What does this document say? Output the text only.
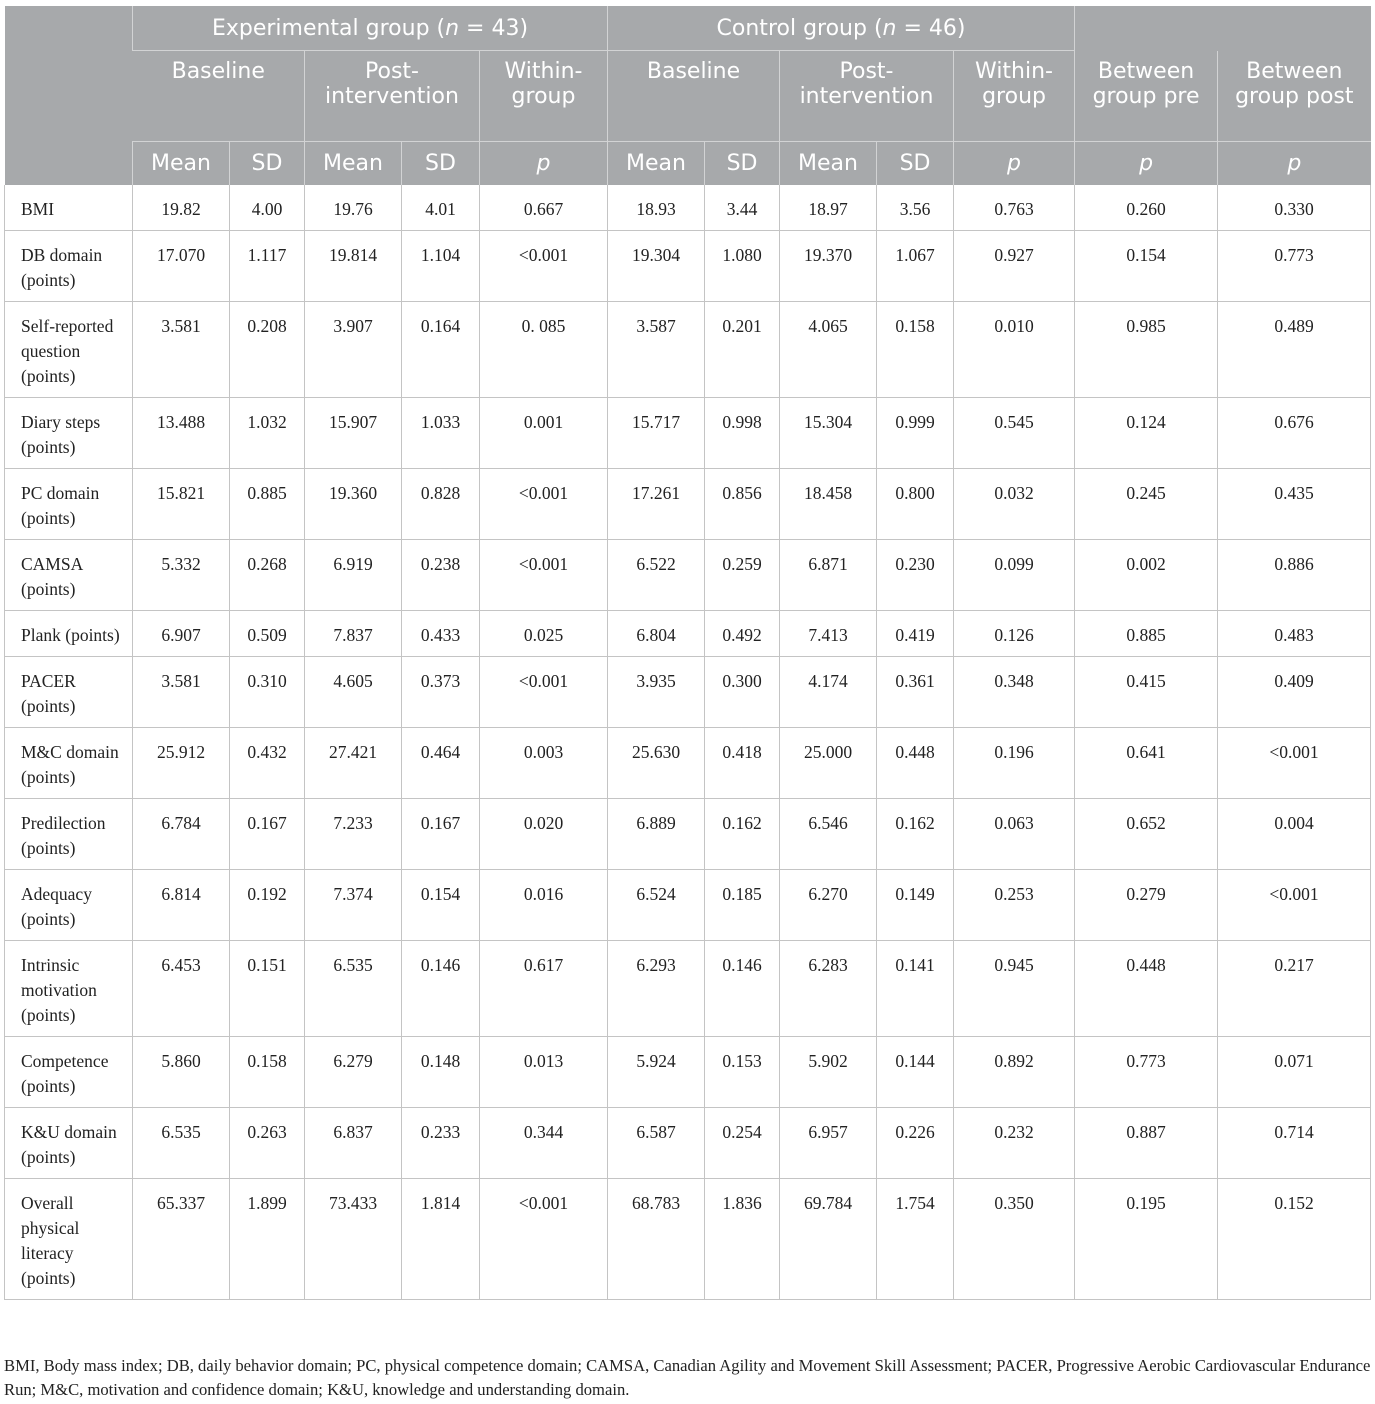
	Experimental group (n = 43)					Control group (n = 46)						
	Baseline		Post-intervention		Within-group	Baseline		Post-intervention		Within-group	Between group pre	Between group post
	Mean	SD	Mean	SD	p	Mean	SD	Mean	SD	p	p	p
BMI	19.82	4.00	19.76	4.01	0.667	18.93	3.44	18.97	3.56	0.763	0.260	0.330
DB domain (points)	17.070	1.117	19.814	1.104	<0.001	19.304	1.080	19.370	1.067	0.927	0.154	0.773
Self-reported question (points)	3.581	0.208	3.907	0.164	0. 085	3.587	0.201	4.065	0.158	0.010	0.985	0.489
Diary steps (points)	13.488	1.032	15.907	1.033	0.001	15.717	0.998	15.304	0.999	0.545	0.124	0.676
PC domain (points)	15.821	0.885	19.360	0.828	<0.001	17.261	0.856	18.458	0.800	0.032	0.245	0.435
CAMSA (points)	5.332	0.268	6.919	0.238	<0.001	6.522	0.259	6.871	0.230	0.099	0.002	0.886
Plank (points)	6.907	0.509	7.837	0.433	0.025	6.804	0.492	7.413	0.419	0.126	0.885	0.483
PACER (points)	3.581	0.310	4.605	0.373	<0.001	3.935	0.300	4.174	0.361	0.348	0.415	0.409
M&C domain (points)	25.912	0.432	27.421	0.464	0.003	25.630	0.418	25.000	0.448	0.196	0.641	<0.001
Predilection (points)	6.784	0.167	7.233	0.167	0.020	6.889	0.162	6.546	0.162	0.063	0.652	0.004
Adequacy (points)	6.814	0.192	7.374	0.154	0.016	6.524	0.185	6.270	0.149	0.253	0.279	<0.001
Intrinsic motivation (points)	6.453	0.151	6.535	0.146	0.617	6.293	0.146	6.283	0.141	0.945	0.448	0.217
Competence (points)	5.860	0.158	6.279	0.148	0.013	5.924	0.153	5.902	0.144	0.892	0.773	0.071
K&U domain (points)	6.535	0.263	6.837	0.233	0.344	6.587	0.254	6.957	0.226	0.232	0.887	0.714
Overall physical literacy (points)	65.337	1.899	73.433	1.814	<0.001	68.783	1.836	69.784	1.754	0.350	0.195	0.152
BMI, Body mass index; DB, daily behavior domain; PC, physical competence domain; CAMSA, Canadian Agility and Movement Skill Assessment; PACER, Progressive Aerobic Cardiovascular Endurance Run; M&C, motivation and confidence domain; K&U, knowledge and understanding domain.
